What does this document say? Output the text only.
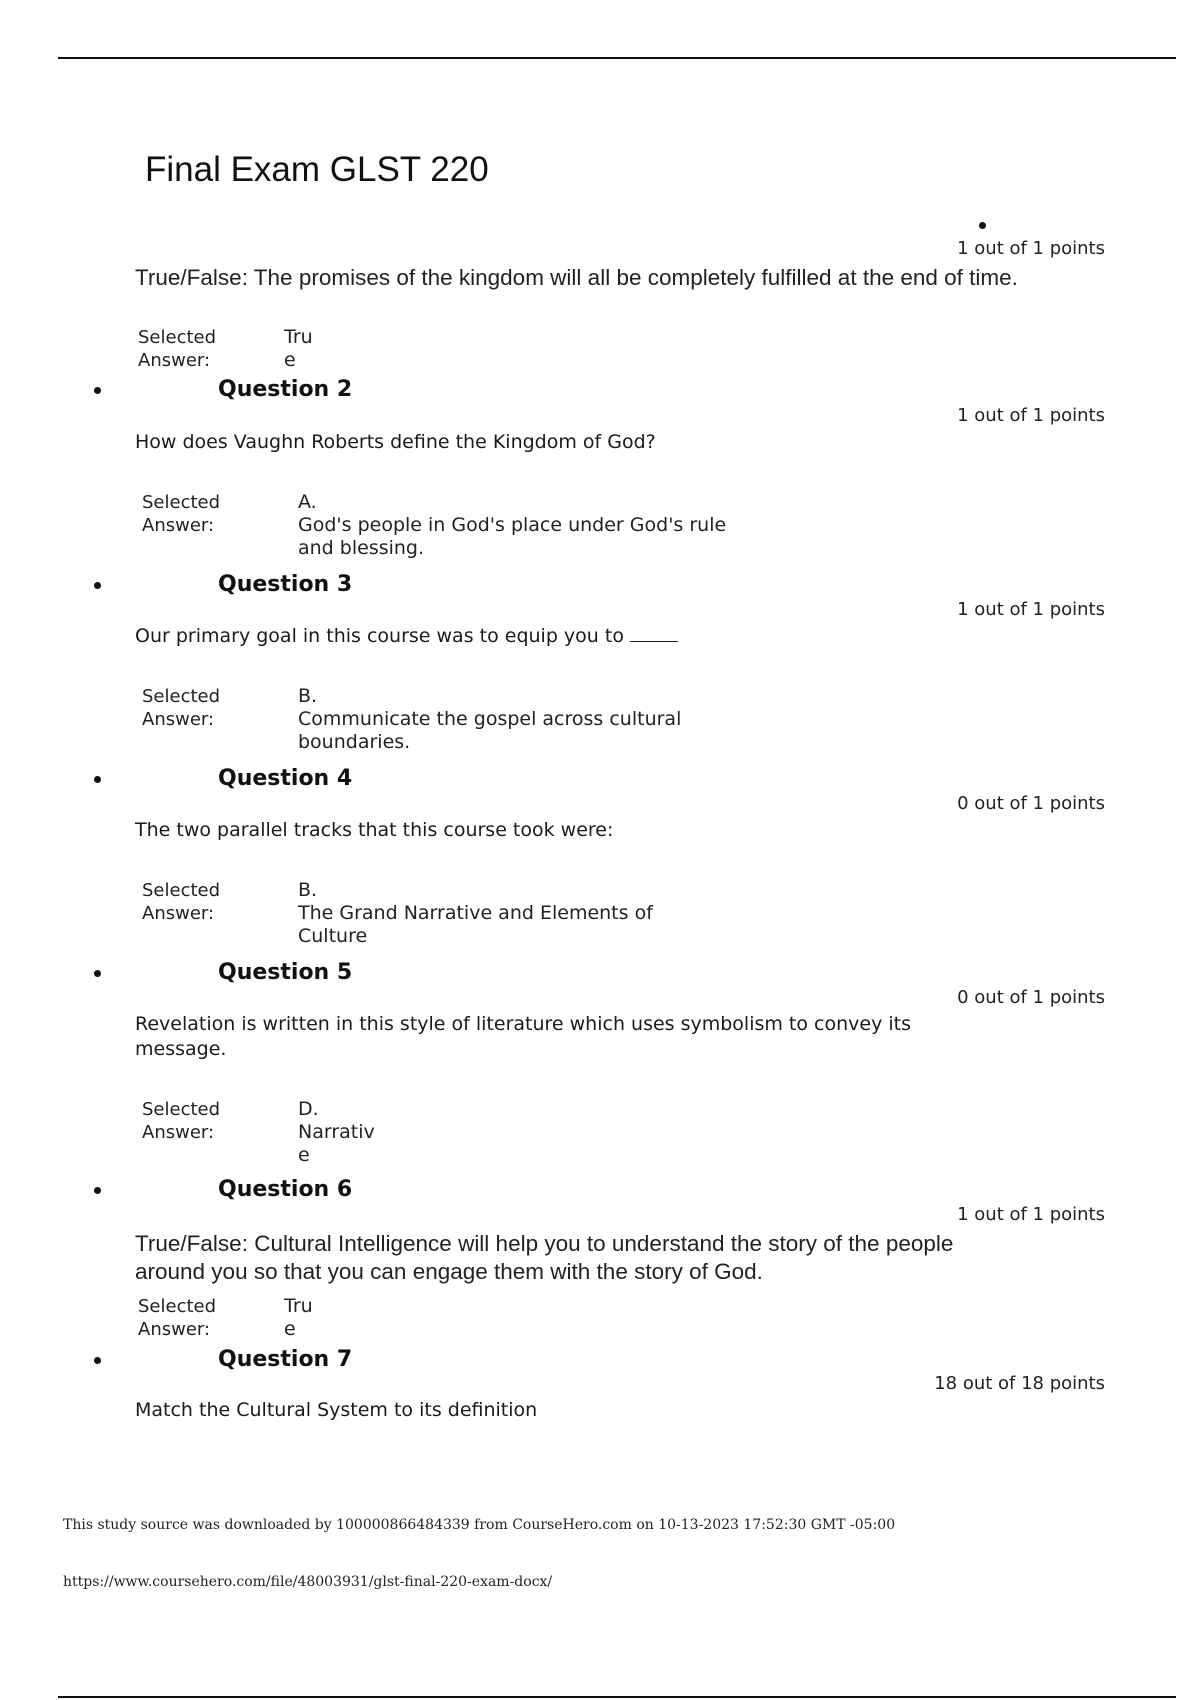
Final Exam GLST 220
1 out of 1 points
True/False: The promises of the kingdom will all be completely fulfilled at the end of time.
Selected
Answer:
Tru
e
Question 2
1 out of 1 points
How does Vaughn Roberts define the Kingdom of God?
Selected
Answer:
A.
God's people in God's place under God's rule
and blessing.
Question 3
1 out of 1 points
Our primary goal in this course was to equip you to
Selected
Answer:
B.
Communicate the gospel across cultural
boundaries.
Question 4
0 out of 1 points
The two parallel tracks that this course took were:
Selected
Answer:
B.
The Grand Narrative and Elements of
Culture
Question 5
0 out of 1 points
Revelation is written in this style of literature which uses symbolism to convey its
message.
Selected
Answer:
D.
Narrativ
e
Question 6
1 out of 1 points
True/False: Cultural Intelligence will help you to understand the story of the people
around you so that you can engage them with the story of God.
Selected
Answer:
Tru
e
Question 7
18 out of 18 points
Match the Cultural System to its definition
This study source was downloaded by 100000866484339 from CourseHero.com on 10-13-2023 17:52:30 GMT -05:00
https://www.coursehero.com/file/48003931/glst-final-220-exam-docx/
